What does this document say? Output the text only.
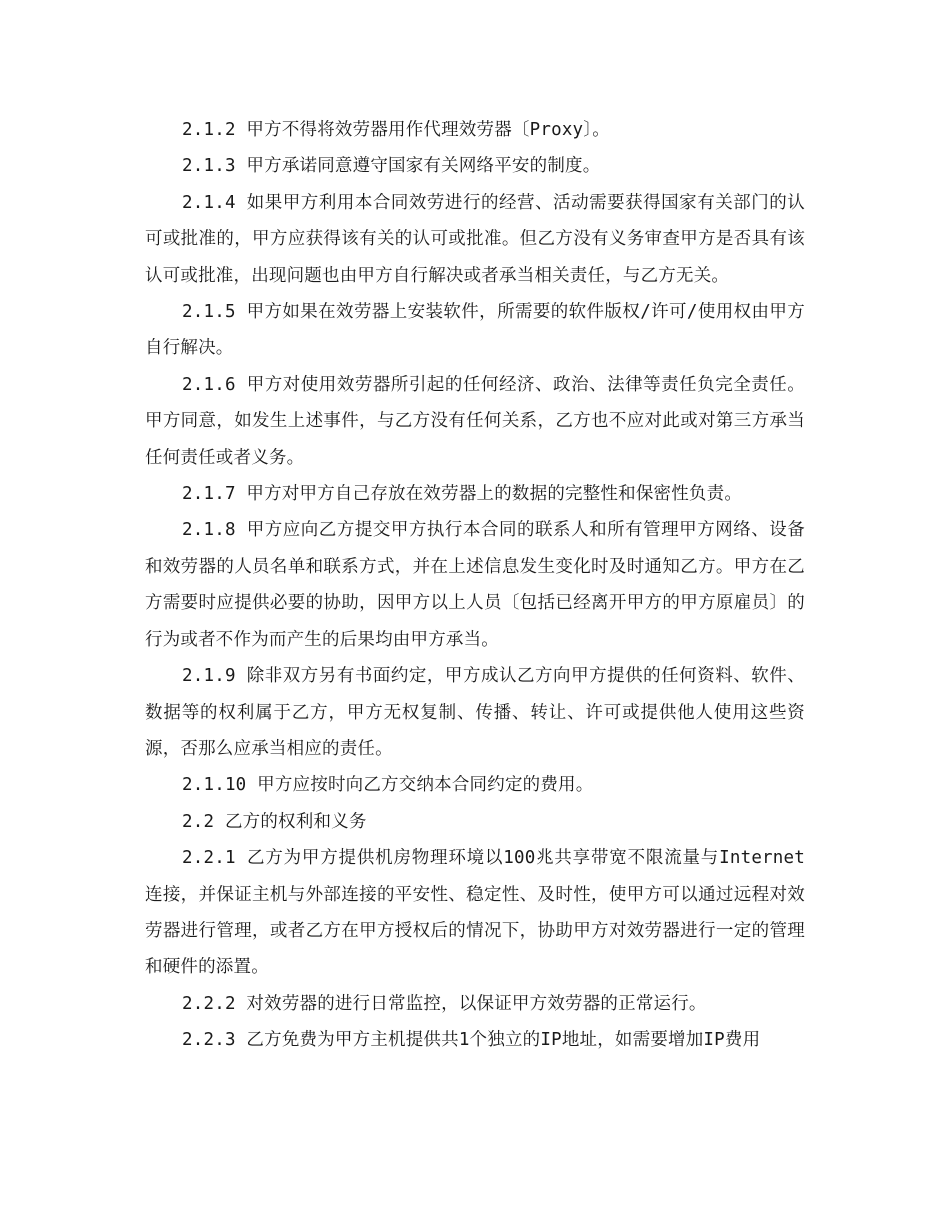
2.1.2 甲方不得将效劳器用作代理效劳器〔Proxy〕。

2.1.3 甲方承诺同意遵守国家有关网络平安的制度。

2.1.4 如果甲方利用本合同效劳进行的经营、活动需要获得国家有关部门的认可或批准的，甲方应获得该有关的认可或批准。但乙方没有义务审查甲方是否具有该认可或批准，出现问题也由甲方自行解决或者承当相关责任，与乙方无关。

2.1.5 甲方如果在效劳器上安装软件，所需要的软件版权/许可/使用权由甲方自行解决。

2.1.6 甲方对使用效劳器所引起的任何经济、政治、法律等责任负完全责任。甲方同意，如发生上述事件，与乙方没有任何关系，乙方也不应对此或对第三方承当任何责任或者义务。

2.1.7 甲方对甲方自己存放在效劳器上的数据的完整性和保密性负责。

2.1.8 甲方应向乙方提交甲方执行本合同的联系人和所有管理甲方网络、设备和效劳器的人员名单和联系方式，并在上述信息发生变化时及时通知乙方。甲方在乙方需要时应提供必要的协助，因甲方以上人员〔包括已经离开甲方的甲方原雇员〕的行为或者不作为而产生的后果均由甲方承当。

2.1.9 除非双方另有书面约定，甲方成认乙方向甲方提供的任何资料、软件、数据等的权利属于乙方，甲方无权复制、传播、转让、许可或提供他人使用这些资源，否那么应承当相应的责任。

2.1.10 甲方应按时向乙方交纳本合同约定的费用。

2.2 乙方的权利和义务

2.2.1 乙方为甲方提供机房物理环境以100兆共享带宽不限流量与Internet连接，并保证主机与外部连接的平安性、稳定性、及时性，使甲方可以通过远程对效劳器进行管理，或者乙方在甲方授权后的情况下，协助甲方对效劳器进行一定的管理和硬件的添置。

2.2.2 对效劳器的进行日常监控，以保证甲方效劳器的正常运行。

2.2.3 乙方免费为甲方主机提供共1个独立的IP地址，如需要增加IP费用
